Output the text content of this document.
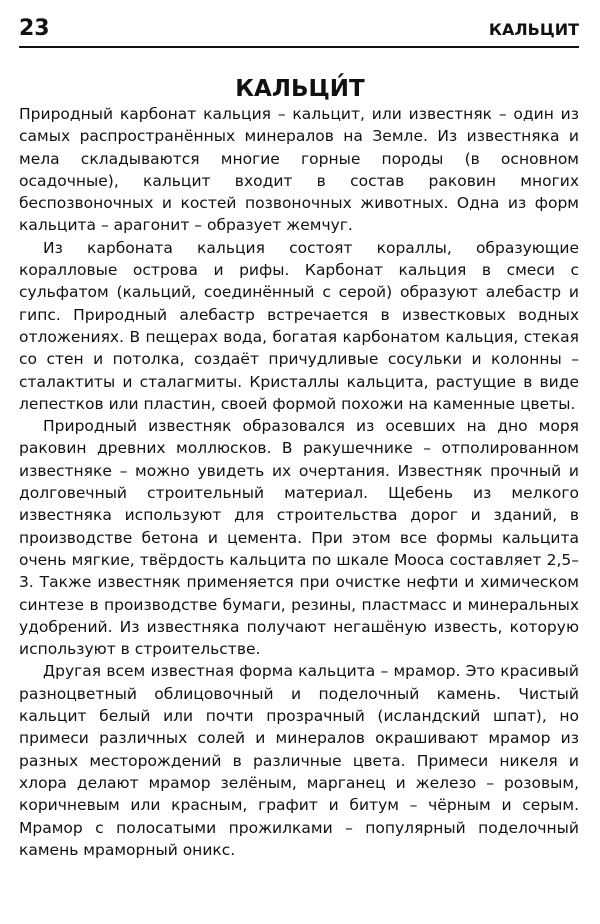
23	КАЛЬЦИТ
КАЛЬЦИ́Т

Природный карбонат кальция – кальцит, или известняк – один из самых распространённых минералов на Земле. Из известняка и мела складываются многие горные породы (в основном осадочные), кальцит входит в состав раковин многих беспозвоночных и костей позвоночных животных. Одна из форм кальцита – арагонит – образует жемчуг.

Из карбоната кальция состоят кораллы, образующие коралловые острова и рифы. Карбонат кальция в смеси с сульфатом (кальций, соединённый с серой) образуют алебастр и гипс. Природный алебастр встречается в известковых водных отложениях. В пещерах вода, богатая карбонатом кальция, стекая со стен и потолка, создаёт причудливые сосульки и колонны – сталактиты и сталагмиты. Кристаллы кальцита, растущие в виде лепестков или пластин, своей формой похожи на каменные цветы.

Природный известняк образовался из осевших на дно моря раковин древних моллюсков. В ракушечнике – отполированном известняке – можно увидеть их очертания. Известняк прочный и долговечный строительный материал. Щебень из мелкого известняка используют для строительства дорог и зданий, в производстве бетона и цемента. При этом все формы кальцита очень мягкие, твёрдость кальцита по шкале Мооса составляет 2,5–3. Также известняк применяется при очистке нефти и химическом синтезе в производстве бумаги, резины, пластмасс и минеральных удобрений. Из известняка получают негашёную известь, которую используют в строительстве.

Другая всем известная форма кальцита – мрамор. Это красивый разноцветный облицовочный и поделочный камень. Чистый кальцит белый или почти прозрачный (исландский шпат), но примеси различных солей и минералов окрашивают мрамор из разных месторождений в различные цвета. Примеси никеля и хлора делают мрамор зелёным, марганец и железо – розовым, коричневым или красным, графит и битум – чёрным и серым. Мрамор с полосатыми прожилками – популярный поделочный камень мраморный оникс.
